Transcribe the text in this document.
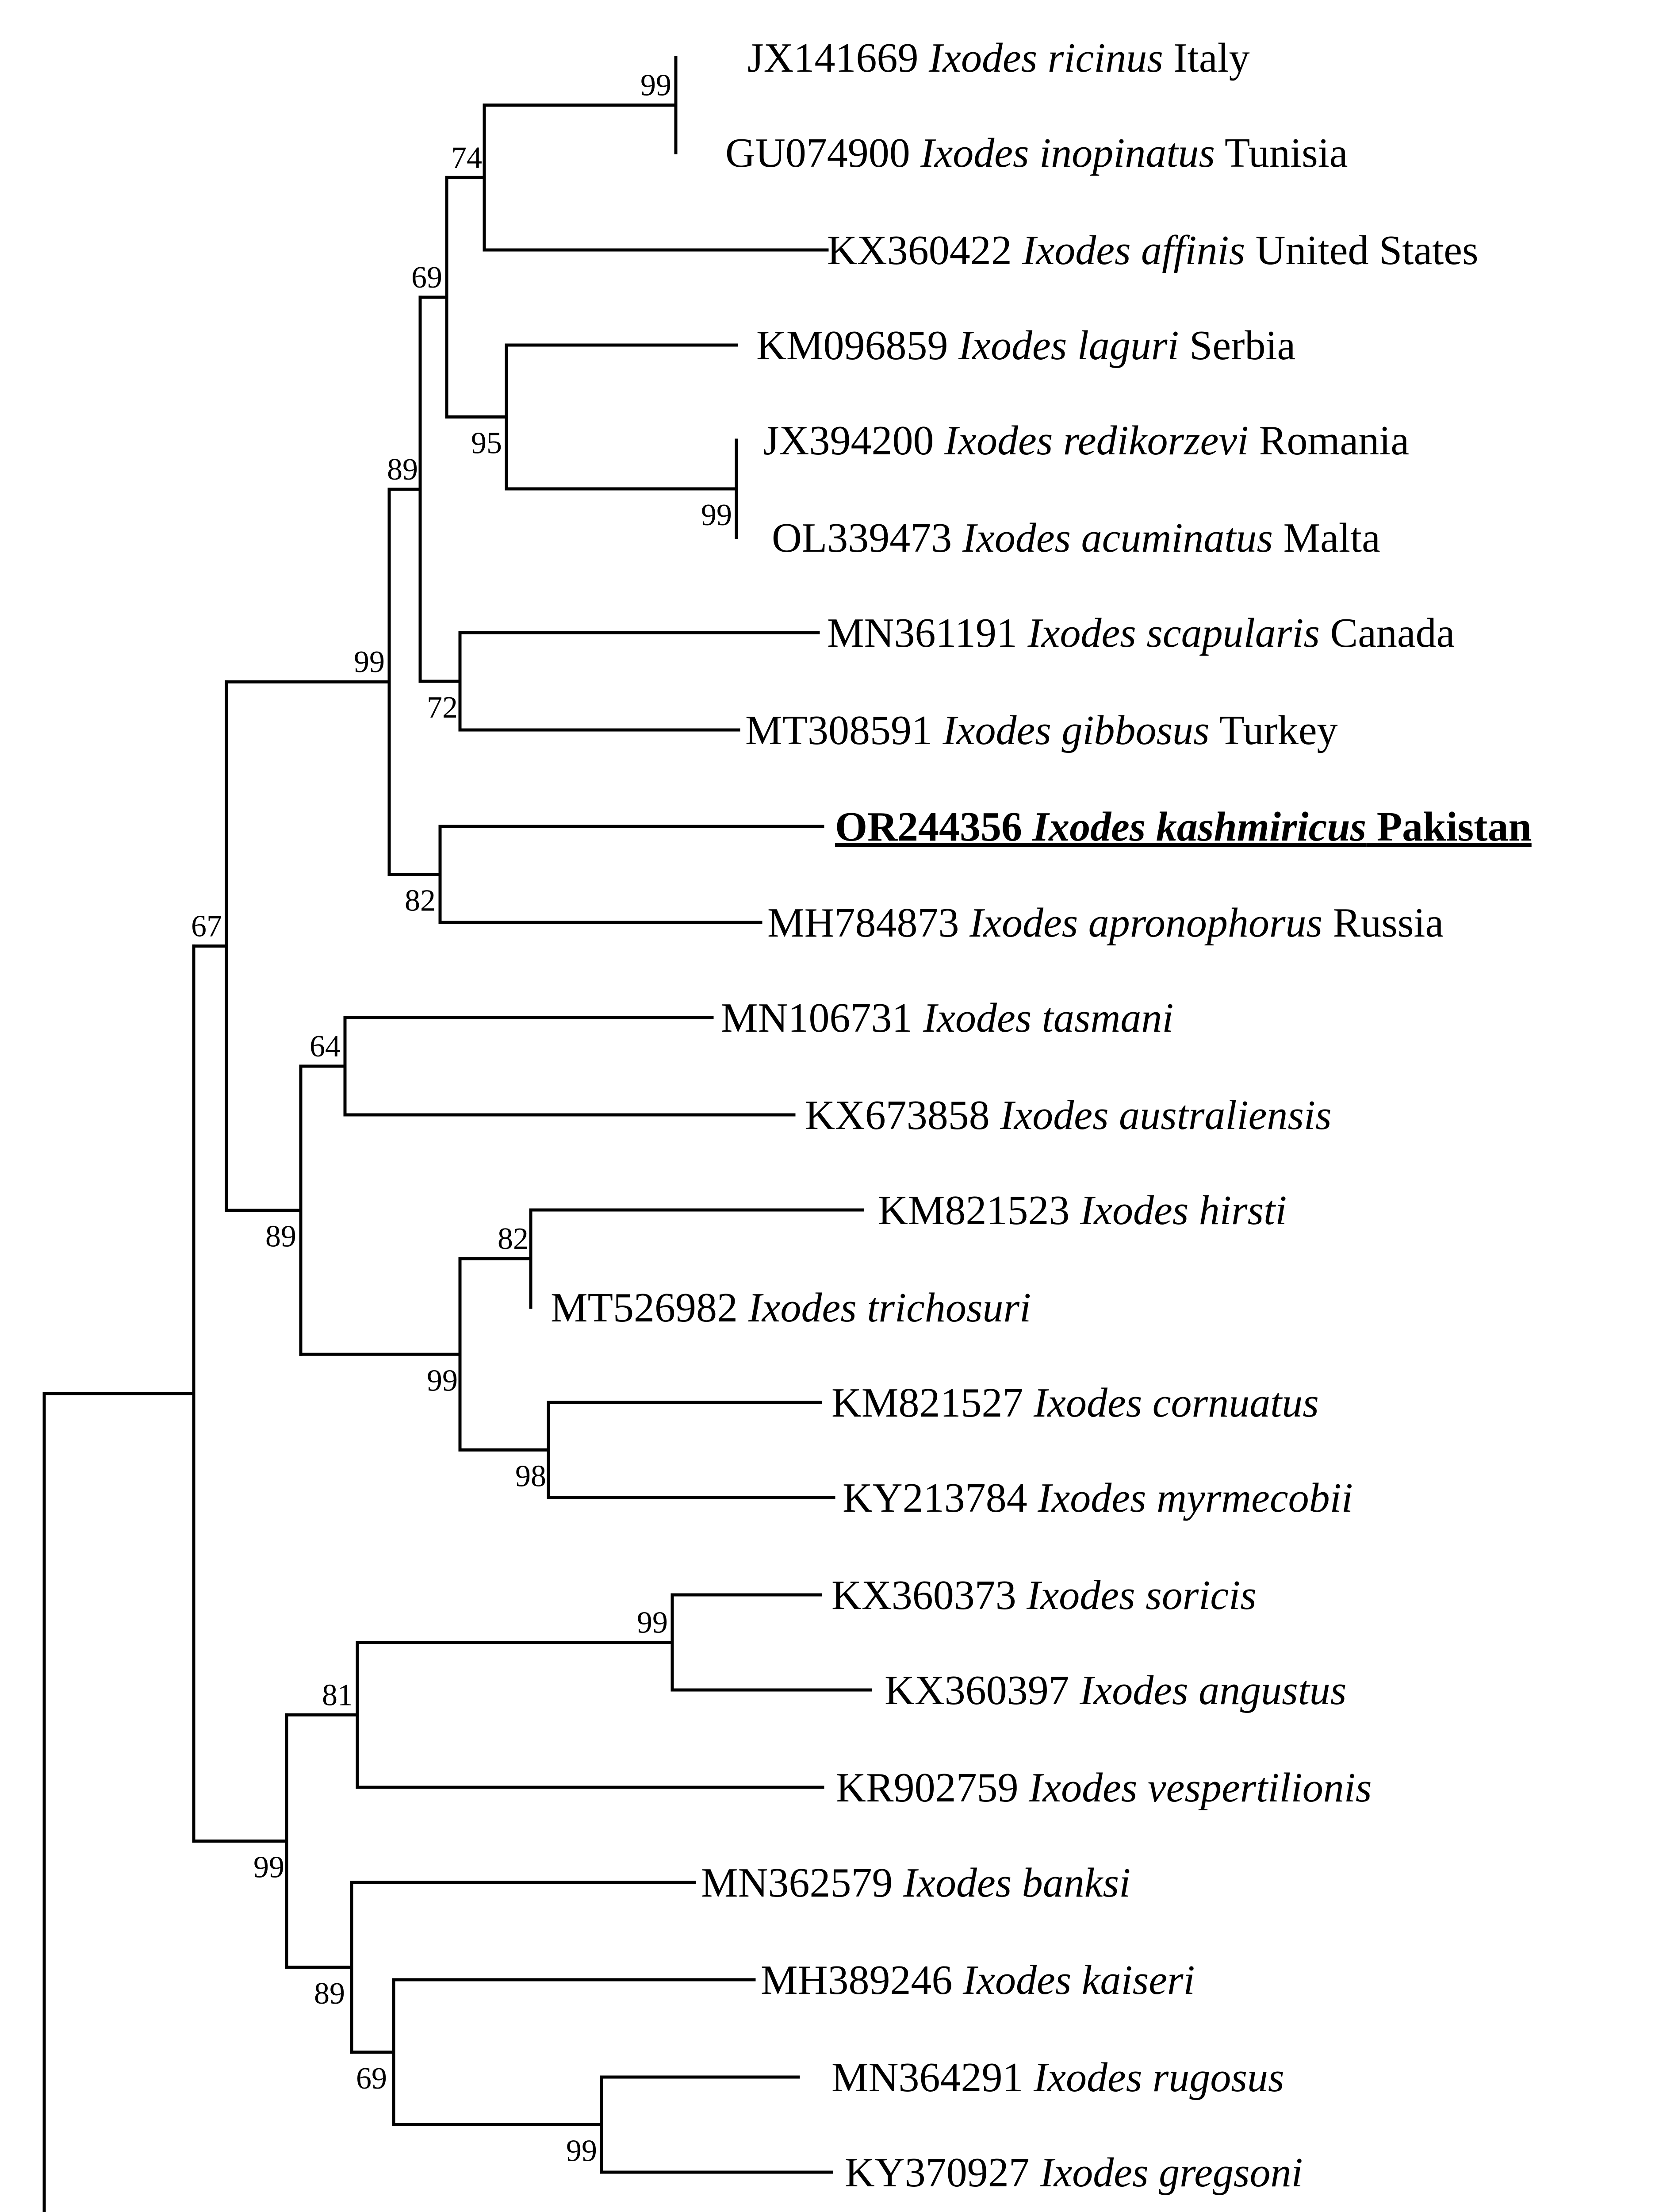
JX141669 Ixodes ricinus Italy
GU074900 Ixodes inopinatus Tunisia
KX360422 Ixodes affinis United States
KM096859 Ixodes laguri Serbia
JX394200 Ixodes redikorzevi Romania
OL339473 Ixodes acuminatus Malta
MN361191 Ixodes scapularis Canada
MT308591 Ixodes gibbosus Turkey
OR244356 Ixodes kashmiricus Pakistan
MH784873 Ixodes apronophorus Russia
MN106731 Ixodes tasmani
KX673858 Ixodes australiensis
KM821523 Ixodes hirsti
MT526982 Ixodes trichosuri
KM821527 Ixodes cornuatus
KY213784 Ixodes myrmecobii
KX360373 Ixodes soricis
KX360397 Ixodes angustus
KR902759 Ixodes vespertilionis
MN362579 Ixodes banksi
MH389246 Ixodes kaiseri
MN364291 Ixodes rugosus
KY370927 Ixodes gregsoni
99
74
69
95
99
89
72
99
82
67
64
89	82
99
98
99
81
99
89
69
99
